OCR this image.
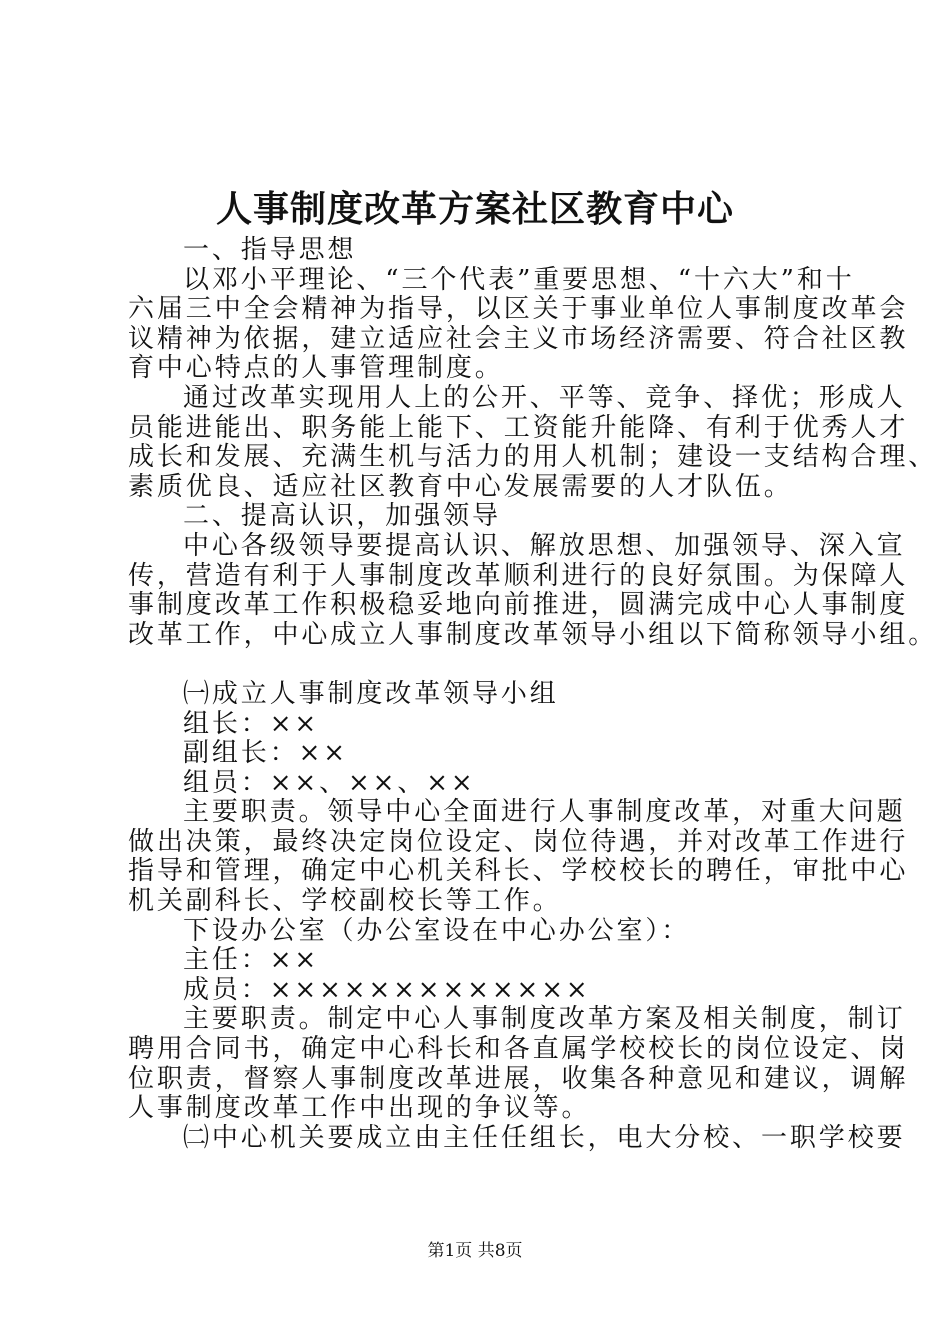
人事制度改革方案社区教育中心
一、指导思想
以邓小平理论、“三个代表”重要思想、“十六大”和十
六届三中全会精神为指导，以区关于事业单位人事制度改革会
议精神为依据，建立适应社会主义市场经济需要、符合社区教
育中心特点的人事管理制度。
通过改革实现用人上的公开、平等、竞争、择优；形成人
员能进能出、职务能上能下、工资能升能降、有利于优秀人才
成长和发展、充满生机与活力的用人机制；建设一支结构合理、
素质优良、适应社区教育中心发展需要的人才队伍。
二、提高认识，加强领导
中心各级领导要提高认识、解放思想、加强领导、深入宣
传，营造有利于人事制度改革顺利进行的良好氛围。为保障人
事制度改革工作积极稳妥地向前推进，圆满完成中心人事制度
改革工作，中心成立人事制度改革领导小组以下简称领导小组。
㈠成立人事制度改革领导小组
组长：××
副组长：××
组员：××、××、××
主要职责。领导中心全面进行人事制度改革，对重大问题
做出决策，最终决定岗位设定、岗位待遇，并对改革工作进行
指导和管理，确定中心机关科长、学校校长的聘任，审批中心
机关副科长、学校副校长等工作。
下设办公室（办公室设在中心办公室）：
主任：××
成员：×××××××××××××
主要职责。制定中心人事制度改革方案及相关制度，制订
聘用合同书，确定中心科长和各直属学校校长的岗位设定、岗
位职责，督察人事制度改革进展，收集各种意见和建议，调解
人事制度改革工作中出现的争议等。
㈡中心机关要成立由主任任组长，电大分校、一职学校要
第1页 共8页
